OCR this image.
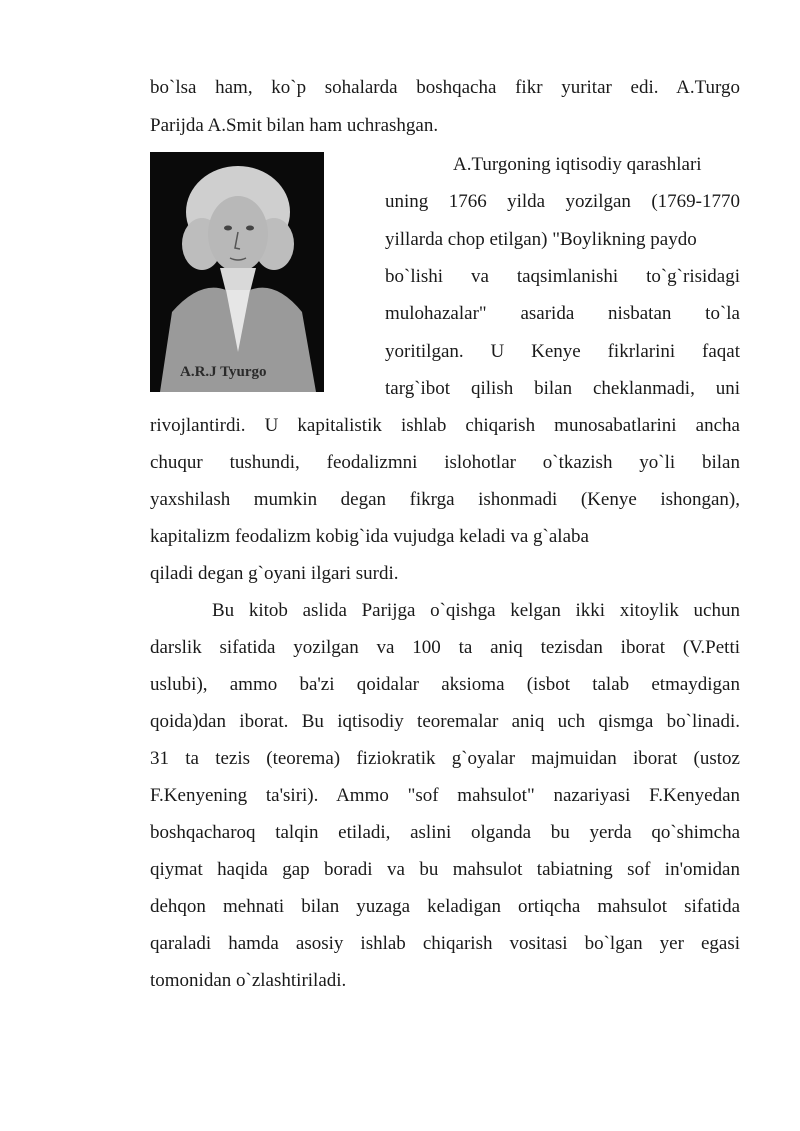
bo`lsa ham, ko`p sohalarda boshqacha fikr yuritar edi. A.Turgo

Parijda A.Smit bilan ham uchrashgan.

A.R.J Tyurgo

A.Turgoning iqtisodiy qarashlari

uning 1766 yilda yozilgan (1769-1770

yillarda chop etilgan) "Boylikning paydo

bo`lishi va taqsimlanishi to`g`risidagi

mulohazalar" asarida nisbatan to`la

yoritilgan. U Kenye fikrlarini faqat

targ`ibot qilish bilan cheklanmadi, uni

rivojlantirdi. U kapitalistik ishlab chiqarish munosabatlarini ancha

chuqur tushundi, feodalizmni islohotlar o`tkazish yo`li bilan

yaxshilash mumkin degan fikrga ishonmadi (Kenye ishongan),

kapitalizm feodalizm kobig`ida vujudga keladi va g`alaba

qiladi degan g`oyani ilgari surdi.

Bu kitob aslida Parijga o`qishga kelgan ikki xitoylik uchun

darslik sifatida yozilgan va 100 ta aniq tezisdan iborat (V.Petti

uslubi), ammo ba'zi qoidalar aksioma (isbot talab etmaydigan

qoida)dan iborat. Bu iqtisodiy teoremalar aniq uch qismga bo`linadi.

31 ta tezis (teorema) fiziokratik g`oyalar majmuidan iborat (ustoz

F.Kenyening ta'siri). Ammo "sof mahsulot" nazariyasi F.Kenyedan

boshqacharoq talqin etiladi, aslini olganda bu yerda qo`shimcha

qiymat haqida gap boradi va bu mahsulot tabiatning sof in'omidan

dehqon mehnati bilan yuzaga keladigan ortiqcha mahsulot sifatida

qaraladi hamda asosiy ishlab chiqarish vositasi bo`lgan yer egasi

tomonidan o`zlashtiriladi.
